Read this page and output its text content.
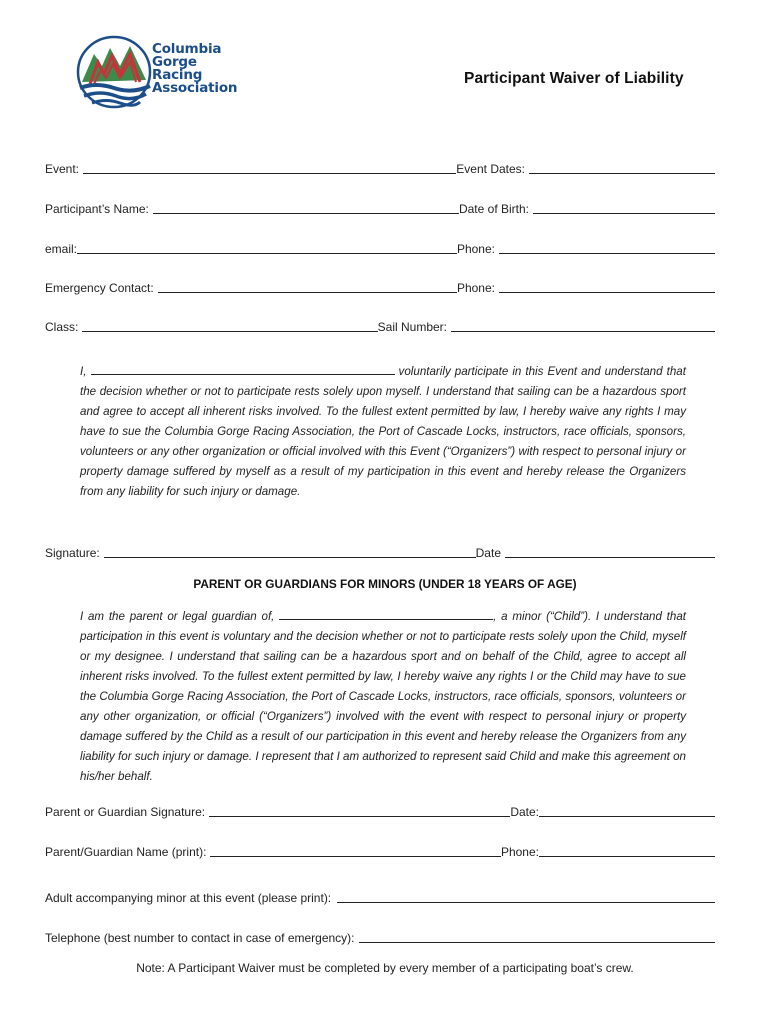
Columbia
Gorge
Racing
Association
Participant Waiver of Liability
Event:	Event Dates:
Participant’s Name:	Date of Birth:
email:	Phone:
Emergency Contact:	Phone:
Class:	Sail Number:
I,	voluntarily participate in this Event and understand that the decision whether or not to participate rests solely upon myself. I understand that sailing can be a hazardous sport and agree to accept all inherent risks involved. To the fullest extent permitted by law, I hereby waive any rights I may have to sue the Columbia Gorge Racing Association, the Port of Cascade Locks, instructors, race officials, sponsors, volunteers or any other organization or official involved with this Event (“Organizers”) with respect to personal injury or property damage suffered by myself as a result of my participation in this event and hereby release the Organizers from any liability for such injury or damage.
Signature:	Date
PARENT OR GUARDIANS FOR MINORS (UNDER 18 YEARS OF AGE)
I am the parent or legal guardian of,	, a minor (“Child”). I understand that participation in this event is voluntary and the decision whether or not to participate rests solely upon the Child, myself or my designee. I understand that sailing can be a hazardous sport and on behalf of the Child, agree to accept all inherent risks involved. To the fullest extent permitted by law, I hereby waive any rights I or the Child may have to sue the Columbia Gorge Racing Association, the Port of Cascade Locks, instructors, race officials, sponsors, volunteers or any other organization, or official (“Organizers”) involved with the event with respect to personal injury or property damage suffered by the Child as a result of our participation in this event and hereby release the Organizers from any liability for such injury or damage. I represent that I am authorized to represent said Child and make this agreement on his/her behalf.
Parent or Guardian Signature:	Date:
Parent/Guardian Name (print):	Phone:
Adult accompanying minor at this event (please print):
Telephone (best number to contact in case of emergency):
Note: A Participant Waiver must be completed by every member of a participating boat’s crew.
